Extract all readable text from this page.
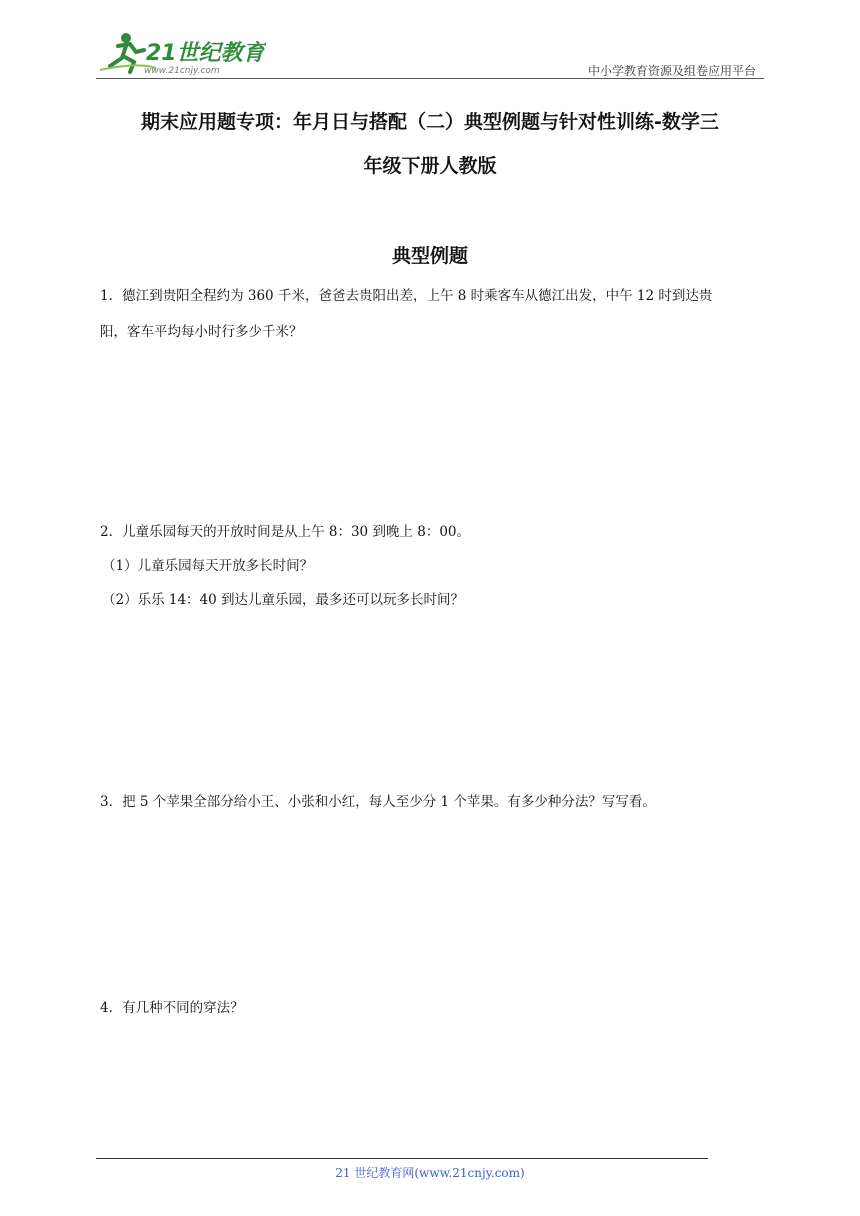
21世纪教育
www.21cnjy.com	中小学教育资源及组卷应用平台
期末应用题专项：年月日与搭配（二）典型例题与针对性训练-数学三
年级下册人教版
典型例题
1．德江到贵阳全程约为 360 千米，爸爸去贵阳出差，上午 8 时乘客车从德江出发，中午 12 时到达贵
阳，客车平均每小时行多少千米？
2．儿童乐园每天的开放时间是从上午 8：30 到晚上 8：00。
（1）儿童乐园每天开放多长时间？
（2）乐乐 14：40 到达儿童乐园，最多还可以玩多长时间？
3．把 5 个苹果全部分给小王、小张和小红，每人至少分 1 个苹果。有多少种分法？写写看。
4．有几种不同的穿法？
21 世纪教育网(www.21cnjy.com)
